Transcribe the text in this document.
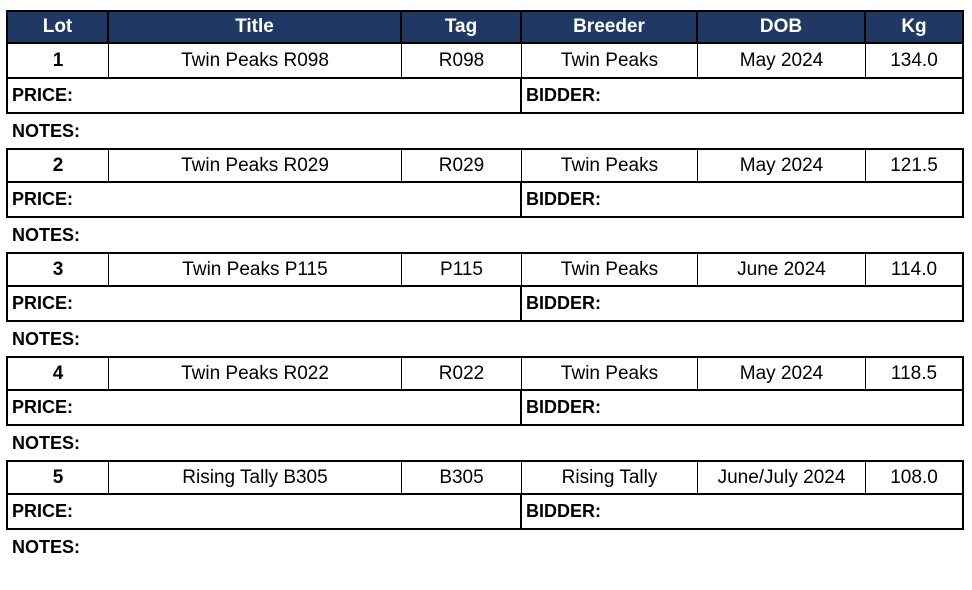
Lot	Title	Tag	Breeder	DOB	Kg
1	Twin Peaks R098	R098	Twin Peaks	May 2024	134.0
PRICE:	BIDDER:
NOTES:
2	Twin Peaks R029	R029	Twin Peaks	May 2024	121.5
PRICE:	BIDDER:
NOTES:
3	Twin Peaks P115	P115	Twin Peaks	June 2024	114.0
PRICE:	BIDDER:
NOTES:
4	Twin Peaks R022	R022	Twin Peaks	May 2024	118.5
PRICE:	BIDDER:
NOTES:
5	Rising Tally B305	B305	Rising Tally	June/July 2024	108.0
PRICE:	BIDDER:
NOTES:
